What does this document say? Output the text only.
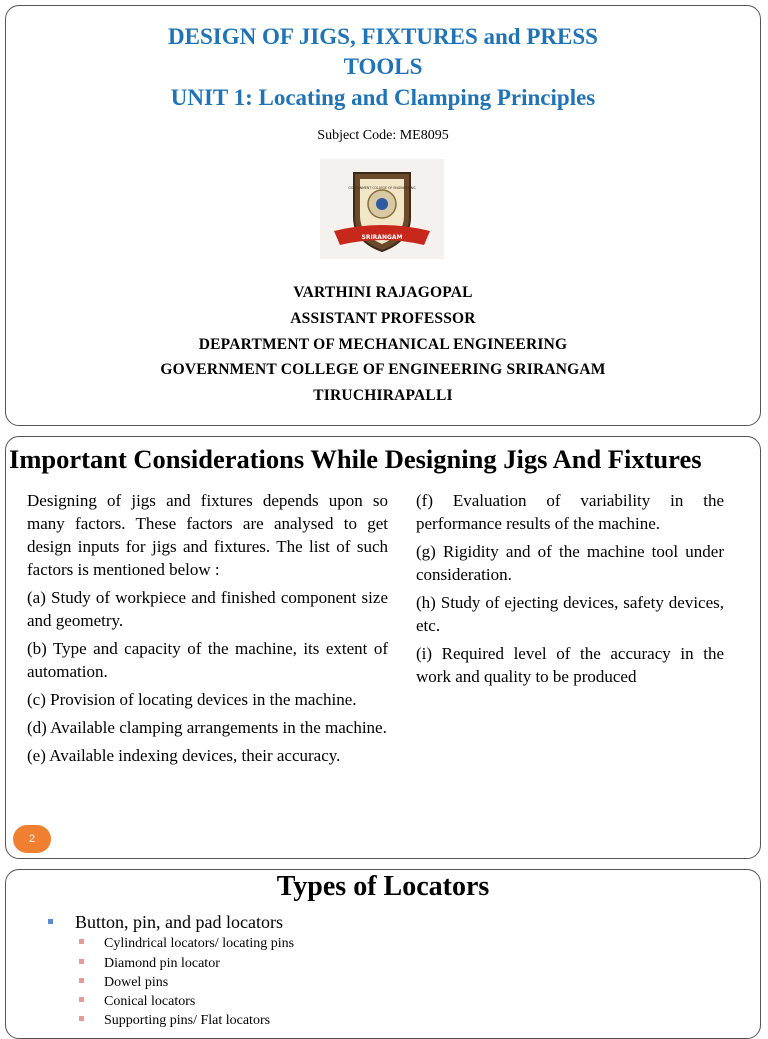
DESIGN OF JIGS, FIXTURES and PRESS
TOOLS
UNIT 1: Locating and Clamping Principles
Subject Code: ME8095
SRIRANGAM
GOVERNMENT COLLEGE OF ENGINEERING
VARTHINI RAJAGOPAL
ASSISTANT PROFESSOR
DEPARTMENT OF MECHANICAL ENGINEERING
GOVERNMENT COLLEGE OF ENGINEERING SRIRANGAM
TIRUCHIRAPALLI
Important Considerations While Designing Jigs And Fixtures

Designing of jigs and fixtures depends upon so many factors. These factors are analysed to get design inputs for jigs and fixtures. The list of such factors is mentioned below :

(a) Study of workpiece and finished component size and geometry.

(b) Type and capacity of the machine, its extent of automation.

(c) Provision of locating devices in the machine.

(d) Available clamping arrangements in the machine.

(e) Available indexing devices, their accuracy.

(f) Evaluation of variability in the performance results of the machine.

(g) Rigidity and of the machine tool under consideration.

(h) Study of ejecting devices, safety devices, etc.

(i) Required level of the accuracy in the work and quality to be produced

2
Types of Locators
Button, pin, and pad locators
Cylindrical locators/ locating pins
Diamond pin locator
Dowel pins
Conical locators
Supporting pins/ Flat locators
